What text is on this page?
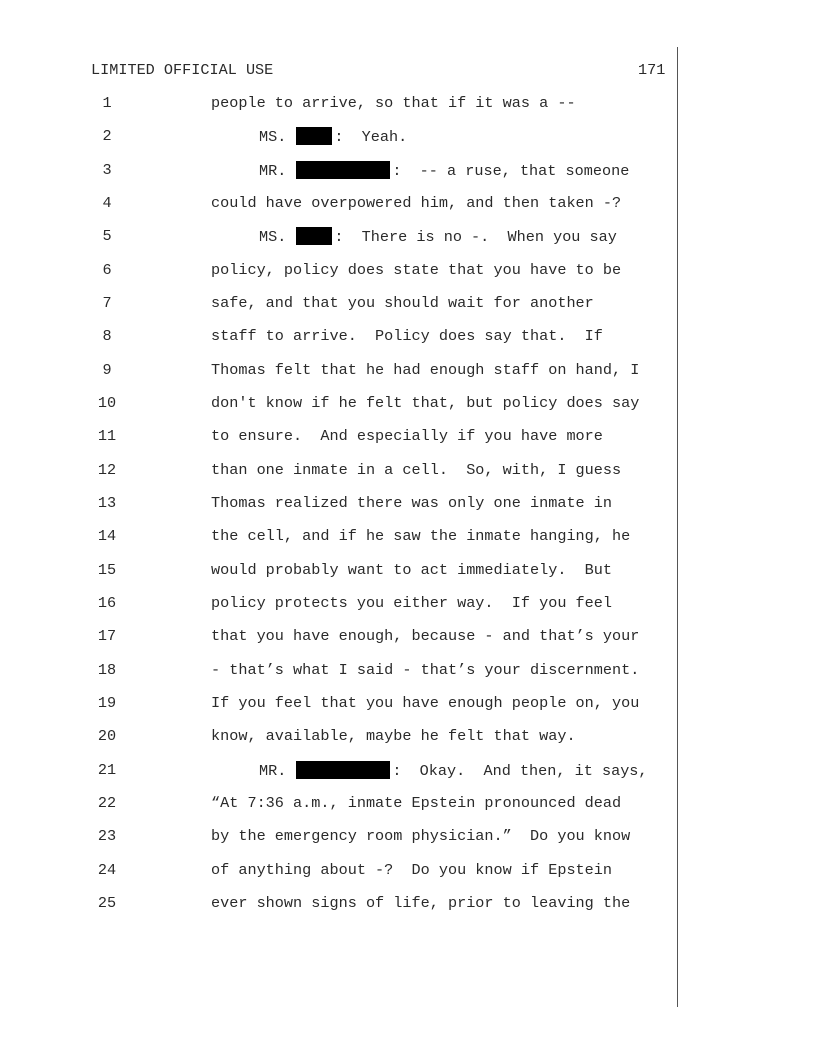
LIMITED OFFICIAL USE	171
1	people to arrive, so that if it was a --
2	MS.	:  Yeah.
3	MR.	:  -- a ruse, that someone
4	could have overpowered him, and then taken -?
5	MS.	:  There is no -.  When you say
6	policy, policy does state that you have to be
7	safe, and that you should wait for another
8	staff to arrive.  Policy does say that.  If
9	Thomas felt that he had enough staff on hand, I
10	don't know if he felt that, but policy does say
11	to ensure.  And especially if you have more
12	than one inmate in a cell.  So, with, I guess
13	Thomas realized there was only one inmate in
14	the cell, and if he saw the inmate hanging, he
15	would probably want to act immediately.  But
16	policy protects you either way.  If you feel
17	that you have enough, because - and that’s your
18	- that’s what I said - that’s your discernment.
19	If you feel that you have enough people on, you
20	know, available, maybe he felt that way.
21	MR.	:  Okay.  And then, it says,
22	“At 7:36 a.m., inmate Epstein pronounced dead
23	by the emergency room physician.”  Do you know
24	of anything about -?  Do you know if Epstein
25	ever shown signs of life, prior to leaving the
